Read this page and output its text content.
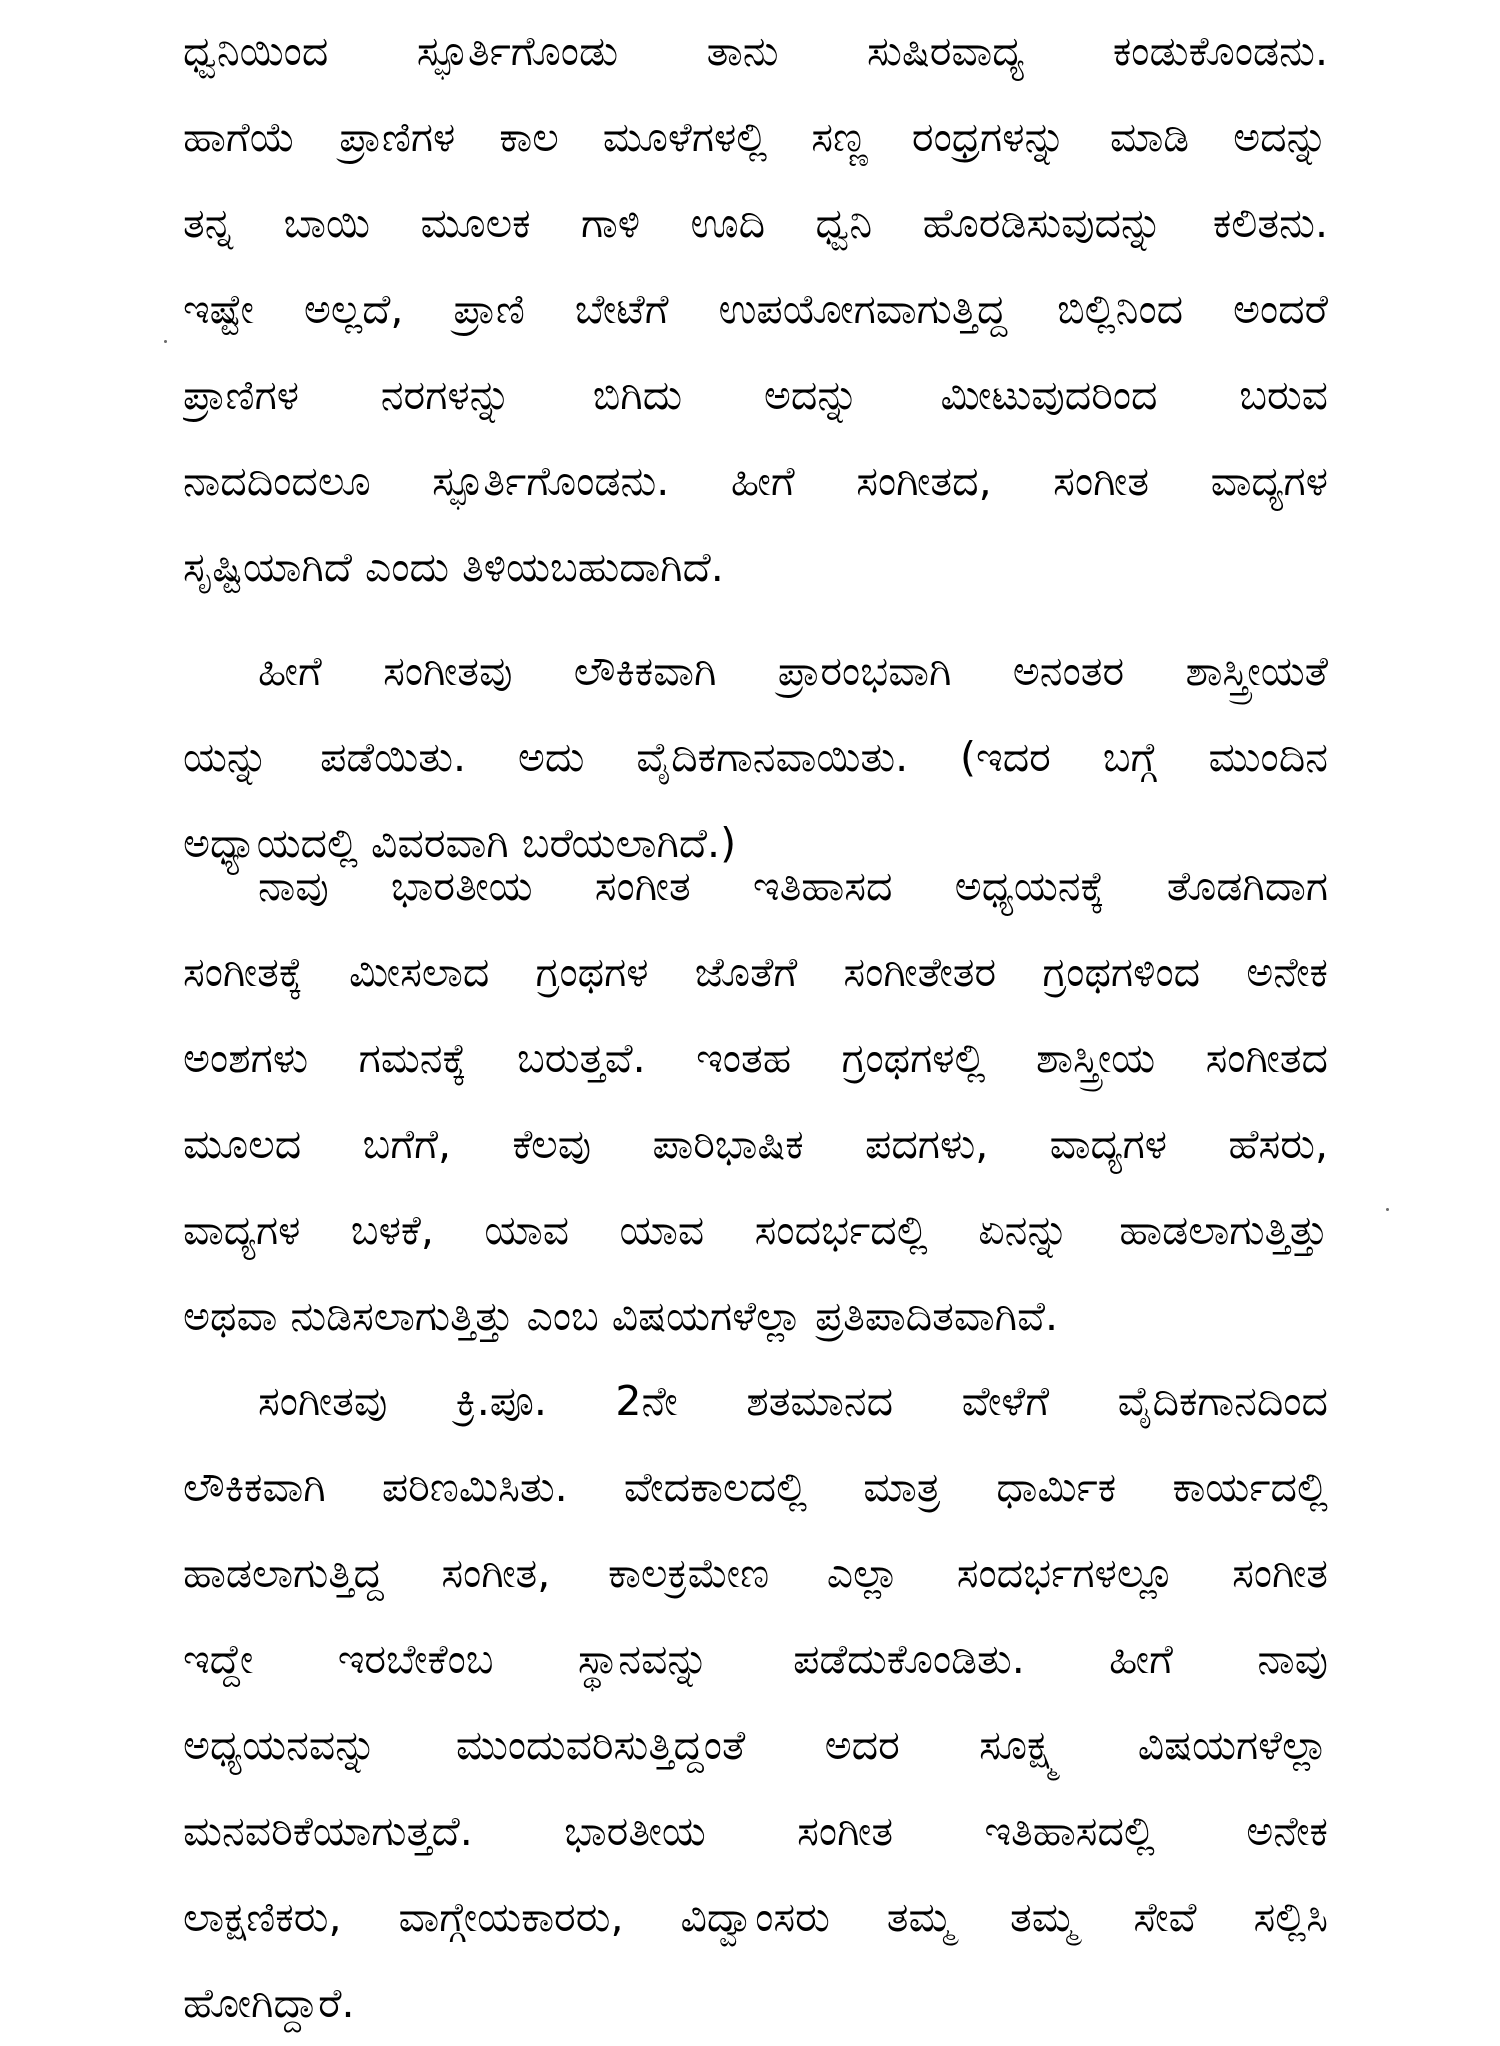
ಧ್ವನಿಯಿಂದ ಸ್ಫೂರ್ತಿಗೊಂಡು ತಾನು ಸುಷಿರವಾದ್ಯ ಕಂಡುಕೊಂಡನು.
ಹಾಗೆಯೆ ಪ್ರಾಣಿಗಳ ಕಾಲ ಮೂಳೆಗಳಲ್ಲಿ ಸಣ್ಣ ರಂಧ್ರಗಳನ್ನು ಮಾಡಿ ಅದನ್ನು
ತನ್ನ ಬಾಯಿ ಮೂಲಕ ಗಾಳಿ ಊದಿ ಧ್ವನಿ ಹೊರಡಿಸುವುದನ್ನು ಕಲಿತನು.
ಇಷ್ಟೇ ಅಲ್ಲದೆ, ಪ್ರಾಣಿ ಬೇಟೆಗೆ ಉಪಯೋಗವಾಗುತ್ತಿದ್ದ ಬಿಲ್ಲಿನಿಂದ ಅಂದರೆ
ಪ್ರಾಣಿಗಳ ನರಗಳನ್ನು ಬಿಗಿದು ಅದನ್ನು ಮೀಟುವುದರಿಂದ ಬರುವ
ನಾದದಿಂದಲೂ ಸ್ಫೂರ್ತಿಗೊಂಡನು. ಹೀಗೆ ಸಂಗೀತದ, ಸಂಗೀತ ವಾದ್ಯಗಳ
ಸೃಷ್ಟಿಯಾಗಿದೆ ಎಂದು ತಿಳಿಯಬಹುದಾಗಿದೆ.
ಹೀಗೆ ಸಂಗೀತವು ಲೌಕಿಕವಾಗಿ ಪ್ರಾರಂಭವಾಗಿ ಅನಂತರ ಶಾಸ್ತ್ರೀಯತೆ
ಯನ್ನು ಪಡೆಯಿತು. ಅದು ವೈದಿಕಗಾನವಾಯಿತು. (ಇದರ ಬಗ್ಗೆ ಮುಂದಿನ
ಅಧ್ಯಾಯದಲ್ಲಿ ವಿವರವಾಗಿ ಬರೆಯಲಾಗಿದೆ.)
ನಾವು ಭಾರತೀಯ ಸಂಗೀತ ಇತಿಹಾಸದ ಅಧ್ಯಯನಕ್ಕೆ ತೊಡಗಿದಾಗ
ಸಂಗೀತಕ್ಕೆ ಮೀಸಲಾದ ಗ್ರಂಥಗಳ ಜೊತೆಗೆ ಸಂಗೀತೇತರ ಗ್ರಂಥಗಳಿಂದ ಅನೇಕ
ಅಂಶಗಳು ಗಮನಕ್ಕೆ ಬರುತ್ತವೆ. ಇಂತಹ ಗ್ರಂಥಗಳಲ್ಲಿ ಶಾಸ್ತ್ರೀಯ ಸಂಗೀತದ
ಮೂಲದ ಬಗೆಗೆ, ಕೆಲವು ಪಾರಿಭಾಷಿಕ ಪದಗಳು, ವಾದ್ಯಗಳ ಹೆಸರು,
ವಾದ್ಯಗಳ ಬಳಕೆ, ಯಾವ ಯಾವ ಸಂದರ್ಭದಲ್ಲಿ ಏನನ್ನು ಹಾಡಲಾಗುತ್ತಿತ್ತು
ಅಥವಾ ನುಡಿಸಲಾಗುತ್ತಿತ್ತು ಎಂಬ ವಿಷಯಗಳೆಲ್ಲಾ ಪ್ರತಿಪಾದಿತವಾಗಿವೆ.
ಸಂಗೀತವು ಕ್ರಿ.ಪೂ. 2ನೇ ಶತಮಾನದ ವೇಳೆಗೆ ವೈದಿಕಗಾನದಿಂದ
ಲೌಕಿಕವಾಗಿ ಪರಿಣಮಿಸಿತು. ವೇದಕಾಲದಲ್ಲಿ ಮಾತ್ರ ಧಾರ್ಮಿಕ ಕಾರ್ಯದಲ್ಲಿ
ಹಾಡಲಾಗುತ್ತಿದ್ದ ಸಂಗೀತ, ಕಾಲಕ್ರಮೇಣ ಎಲ್ಲಾ ಸಂದರ್ಭಗಳಲ್ಲೂ ಸಂಗೀತ
ಇದ್ದೇ ಇರಬೇಕೆಂಬ ಸ್ಥಾನವನ್ನು ಪಡೆದುಕೊಂಡಿತು. ಹೀಗೆ ನಾವು
ಅಧ್ಯಯನವನ್ನು ಮುಂದುವರಿಸುತ್ತಿದ್ದಂತೆ ಅದರ ಸೂಕ್ಷ್ಮ ವಿಷಯಗಳೆಲ್ಲಾ
ಮನವರಿಕೆಯಾಗುತ್ತದೆ. ಭಾರತೀಯ ಸಂಗೀತ ಇತಿಹಾಸದಲ್ಲಿ ಅನೇಕ
ಲಾಕ್ಷಣಿಕರು, ವಾಗ್ಗೇಯಕಾರರು, ವಿದ್ವಾಂಸರು ತಮ್ಮ ತಮ್ಮ ಸೇವೆ ಸಲ್ಲಿಸಿ
ಹೋಗಿದ್ದಾರೆ.
